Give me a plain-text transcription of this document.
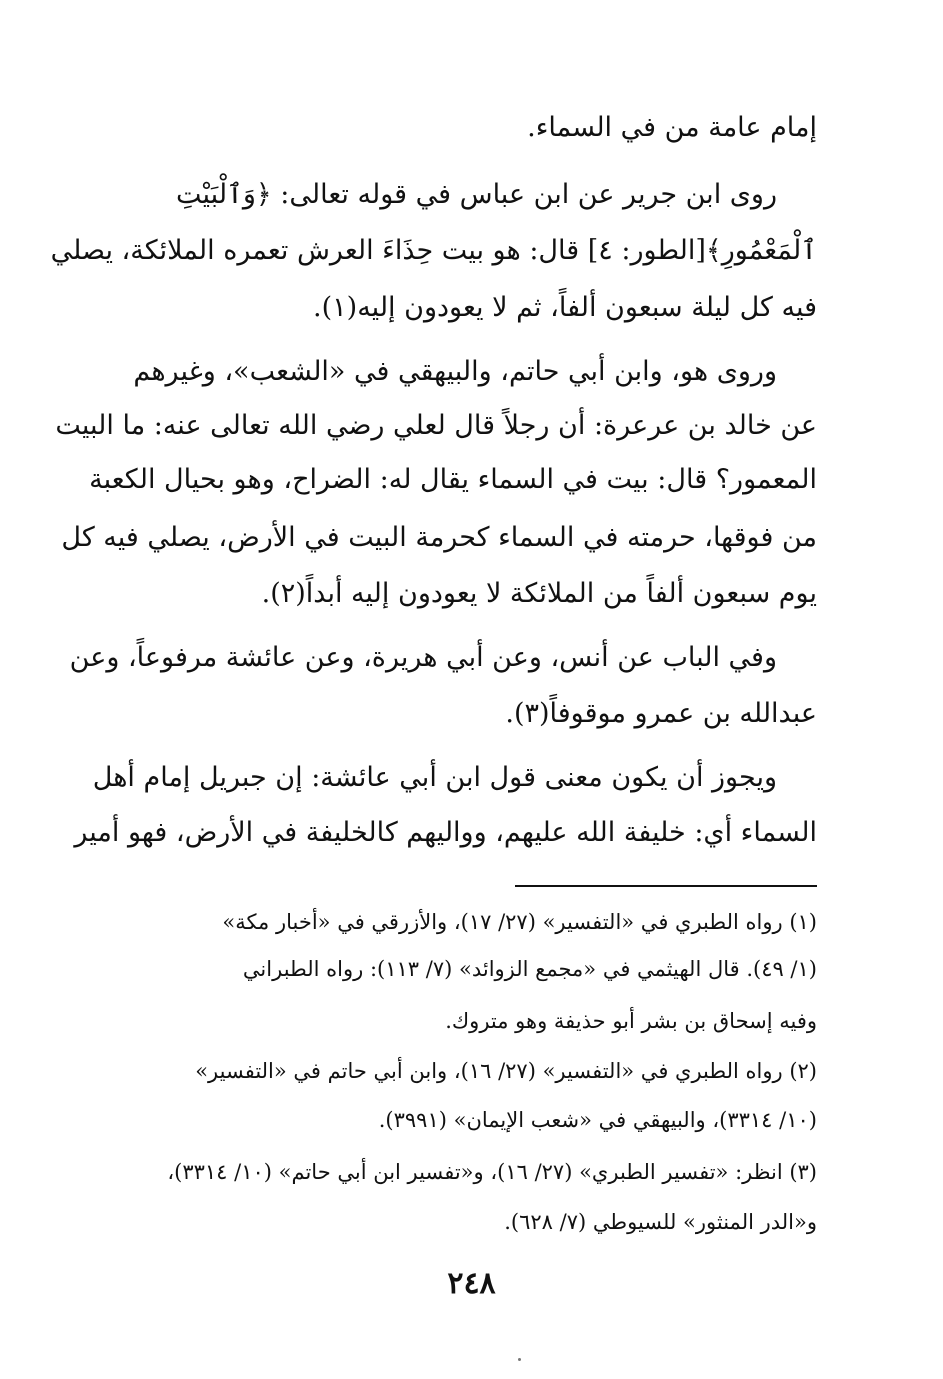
إمام عامة من في السماء.
روى ابن جرير عن ابن عباس في قوله تعالى: ﴿وَٱلْبَيْتِ
ٱلْمَعْمُورِ﴾[الطور: ٤] قال: هو بيت حِذَاءَ العرش تعمره الملائكة، يصلي
فيه كل ليلة سبعون ألفاً، ثم لا يعودون إليه(١).
وروى هو، وابن أبي حاتم، والبيهقي في «الشعب»، وغيرهم
عن خالد بن عرعرة: أن رجلاً قال لعلي رضي الله تعالى عنه: ما البيت
المعمور؟ قال: بيت في السماء يقال له: الضراح، وهو بحيال الكعبة
من فوقها، حرمته في السماء كحرمة البيت في الأرض، يصلي فيه كل
يوم سبعون ألفاً من الملائكة لا يعودون إليه أبداً(٢).
وفي الباب عن أنس، وعن أبي هريرة، وعن عائشة مرفوعاً، وعن
عبدالله بن عمرو موقوفاً(٣).
ويجوز أن يكون معنى قول ابن أبي عائشة: إن جبريل إمام أهل
السماء أي: خليفة الله عليهم، وواليهم كالخليفة في الأرض، فهو أمير
(١) رواه الطبري في «التفسير» (٢٧/ ١٧)، والأزرقي في «أخبار مكة»
(١/ ٤٩). قال الهيثمي في «مجمع الزوائد» (٧/ ١١٣): رواه الطبراني
وفيه إسحاق بن بشر أبو حذيفة وهو متروك.
(٢) رواه الطبري في «التفسير» (٢٧/ ١٦)، وابن أبي حاتم في «التفسير»
(١٠/ ٣٣١٤)، والبيهقي في «شعب الإيمان» (٣٩٩١).
(٣) انظر: «تفسير الطبري» (٢٧/ ١٦)، و«تفسير ابن أبي حاتم» (١٠/ ٣٣١٤)،
و«الدر المنثور» للسيوطي (٧/ ٦٢٨).
٢٤٨
